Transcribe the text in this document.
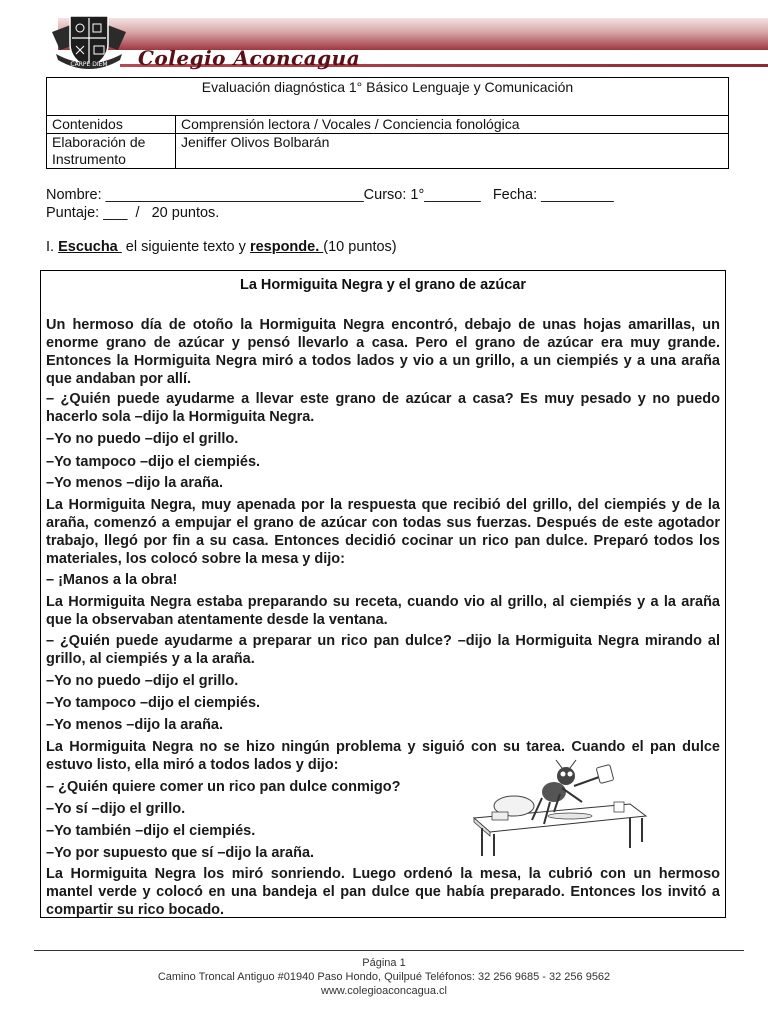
CARPE DIEM Colegio Aconcagua
Evaluación diagnóstica 1° Básico Lenguaje y Comunicación	
Contenidos	Comprensión lectora / Vocales / Conciencia fonológica
Elaboración de Instrumento	Jeniffer Olivos Bolbarán
Nombre: ________________________________Curso: 1°_______   Fecha: _________
Puntaje: ___  /   20 puntos.
I. Escucha  el siguiente texto y responde. (10 puntos)
La Hormiguita Negra y el grano de azúcar
Un hermoso día de otoño la Hormiguita Negra encontró, debajo de unas hojas amarillas, un enorme grano de azúcar y pensó llevarlo a casa. Pero el grano de azúcar era muy grande. Entonces la Hormiguita Negra miró a todos lados y vio a un grillo, a un ciempiés y a una araña que andaban por allí.
– ¿Quién puede ayudarme a llevar este grano de azúcar a casa? Es muy pesado y no puedo hacerlo sola –dijo la Hormiguita Negra.
–Yo no puedo –dijo el grillo.
–Yo tampoco –dijo el ciempiés.
–Yo menos –dijo la araña.
La Hormiguita Negra, muy apenada por la respuesta que recibió del grillo, del ciempiés y de la araña, comenzó a empujar el grano de azúcar con todas sus fuerzas. Después de este agotador trabajo, llegó por fin a su casa. Entonces decidió cocinar un rico pan dulce. Preparó todos los materiales, los colocó sobre la mesa y dijo:
– ¡Manos a la obra!
La Hormiguita Negra estaba preparando su receta, cuando vio al grillo, al ciempiés y a la araña que la observaban atentamente desde la ventana.
– ¿Quién puede ayudarme a preparar un rico pan dulce? –dijo la Hormiguita Negra mirando al grillo, al ciempiés y a la araña.
–Yo no puedo –dijo el grillo.
–Yo tampoco –dijo el ciempiés.
–Yo menos –dijo la araña.
La Hormiguita Negra no se hizo ningún problema y siguió con su tarea. Cuando el pan dulce estuvo listo, ella miró a todos lados y dijo:
– ¿Quién quiere comer un rico pan dulce conmigo?
–Yo sí –dijo el grillo.
–Yo también –dijo el ciempiés.
–Yo por supuesto que sí –dijo la araña.
La Hormiguita Negra los miró sonriendo. Luego ordenó la mesa, la cubrió con un hermoso mantel verde y colocó en una bandeja el pan dulce que había preparado. Entonces los invitó a compartir su rico bocado.
Página 1
Camino Troncal Antiguo #01940 Paso Hondo, Quilpué Teléfonos: 32 256 9685 - 32 256 9562
www.colegioaconcagua.cl
